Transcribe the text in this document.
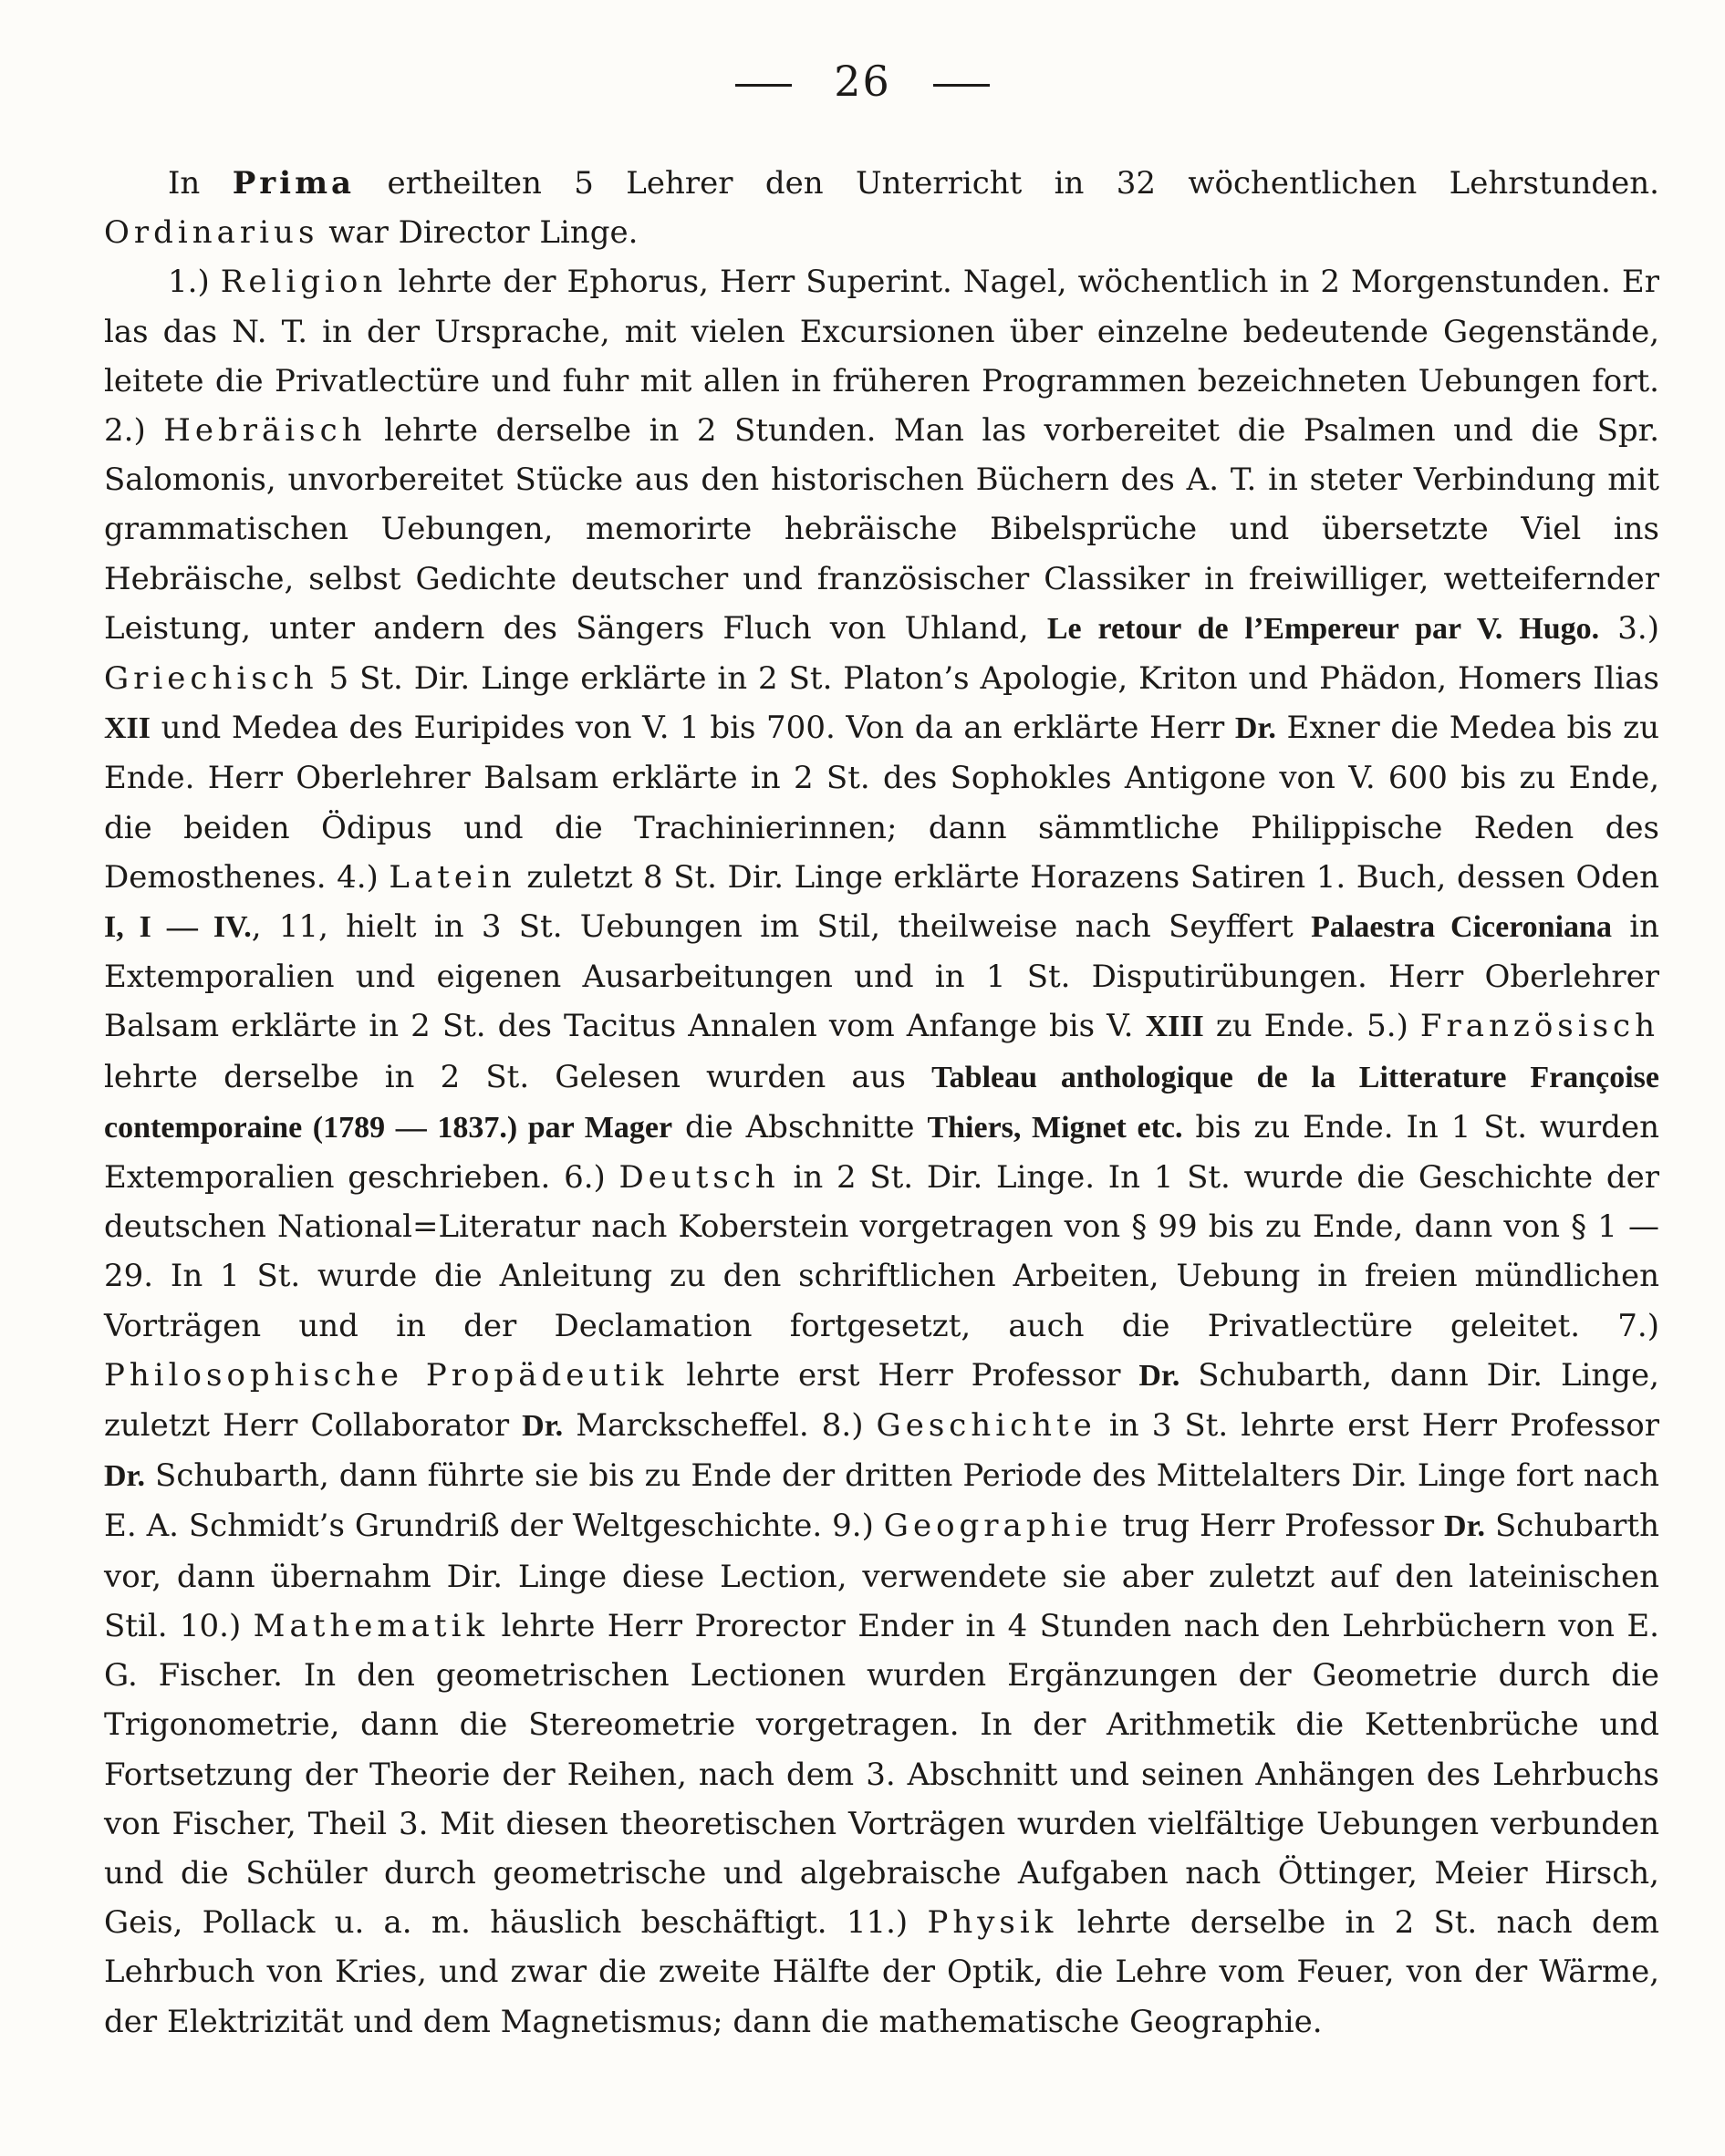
26

In Prima ertheilten 5 Lehrer den Unterricht in 32 wöchentlichen Lehrstunden. Ordinarius war Director Linge.

1.) Religion lehrte der Ephorus, Herr Superint. Nagel, wöchentlich in 2 Morgenstunden. Er las das N. T. in der Ursprache, mit vielen Excursionen über einzelne bedeutende Gegenstände, leitete die Privatlectüre und fuhr mit allen in früheren Programmen bezeichneten Uebungen fort. 2.) Hebräisch lehrte derselbe in 2 Stunden. Man las vorbereitet die Psalmen und die Spr. Salomonis, unvorbereitet Stücke aus den historischen Büchern des A. T. in steter Verbindung mit grammatischen Uebungen, memorirte hebräische Bibelsprüche und übersetzte Viel ins Hebräische, selbst Gedichte deutscher und französischer Classiker in freiwilliger, wetteifernder Leistung, unter andern des Sängers Fluch von Uhland, Le retour de l’Empereur par V. Hugo. 3.) Griechisch 5 St. Dir. Linge erklärte in 2 St. Platon’s Apologie, Kriton und Phädon, Homers Ilias XII und Medea des Euripides von V. 1 bis 700. Von da an erklärte Herr Dr. Exner die Medea bis zu Ende. Herr Oberlehrer Balsam erklärte in 2 St. des Sophokles Antigone von V. 600 bis zu Ende, die beiden Ödipus und die Trachinierinnen; dann sämmtliche Philippische Reden des Demosthenes. 4.) Latein zuletzt 8 St. Dir. Linge erklärte Horazens Satiren 1. Buch, dessen Oden I, I — IV., 11, hielt in 3 St. Uebungen im Stil, theilweise nach Seyffert Palaestra Ciceroniana in Extemporalien und eigenen Ausarbeitungen und in 1 St. Disputirübungen. Herr Oberlehrer Balsam erklärte in 2 St. des Tacitus Annalen vom Anfange bis V. XIII zu Ende. 5.) Französisch lehrte derselbe in 2 St. Gelesen wurden aus Tableau anthologique de la Litterature Françoise contemporaine (1789 — 1837.) par Mager die Abschnitte Thiers, Mignet etc. bis zu Ende. In 1 St. wurden Extemporalien geschrieben. 6.) Deutsch in 2 St. Dir. Linge. In 1 St. wurde die Geschichte der deutschen National=Literatur nach Koberstein vorgetragen von § 99 bis zu Ende, dann von § 1 — 29. In 1 St. wurde die Anleitung zu den schriftlichen Arbeiten, Uebung in freien mündlichen Vorträgen und in der Declamation fortgesetzt, auch die Privatlectüre geleitet. 7.) Philosophische Propädeutik lehrte erst Herr Professor Dr. Schubarth, dann Dir. Linge, zuletzt Herr Collaborator Dr. Marckscheffel. 8.) Geschichte in 3 St. lehrte erst Herr Professor Dr. Schubarth, dann führte sie bis zu Ende der dritten Periode des Mittelalters Dir. Linge fort nach E. A. Schmidt’s Grundriß der Weltgeschichte. 9.) Geographie trug Herr Professor Dr. Schubarth vor, dann übernahm Dir. Linge diese Lection, verwendete sie aber zuletzt auf den lateinischen Stil. 10.) Mathematik lehrte Herr Prorector Ender in 4 Stunden nach den Lehrbüchern von E. G. Fischer. In den geometrischen Lectionen wurden Ergänzungen der Geometrie durch die Trigonometrie, dann die Stereometrie vorgetragen. In der Arithmetik die Kettenbrüche und Fortsetzung der Theorie der Reihen, nach dem 3. Abschnitt und seinen Anhängen des Lehrbuchs von Fischer, Theil 3. Mit diesen theoretischen Vorträgen wurden vielfältige Uebungen verbunden und die Schüler durch geometrische und algebraische Aufgaben nach Öttinger, Meier Hirsch, Geis, Pollack u. a. m. häuslich beschäftigt. 11.) Physik lehrte derselbe in 2 St. nach dem Lehrbuch von Kries, und zwar die zweite Hälfte der Optik, die Lehre vom Feuer, von der Wärme, der Elektrizität und dem Magnetismus; dann die mathematische Geographie.
